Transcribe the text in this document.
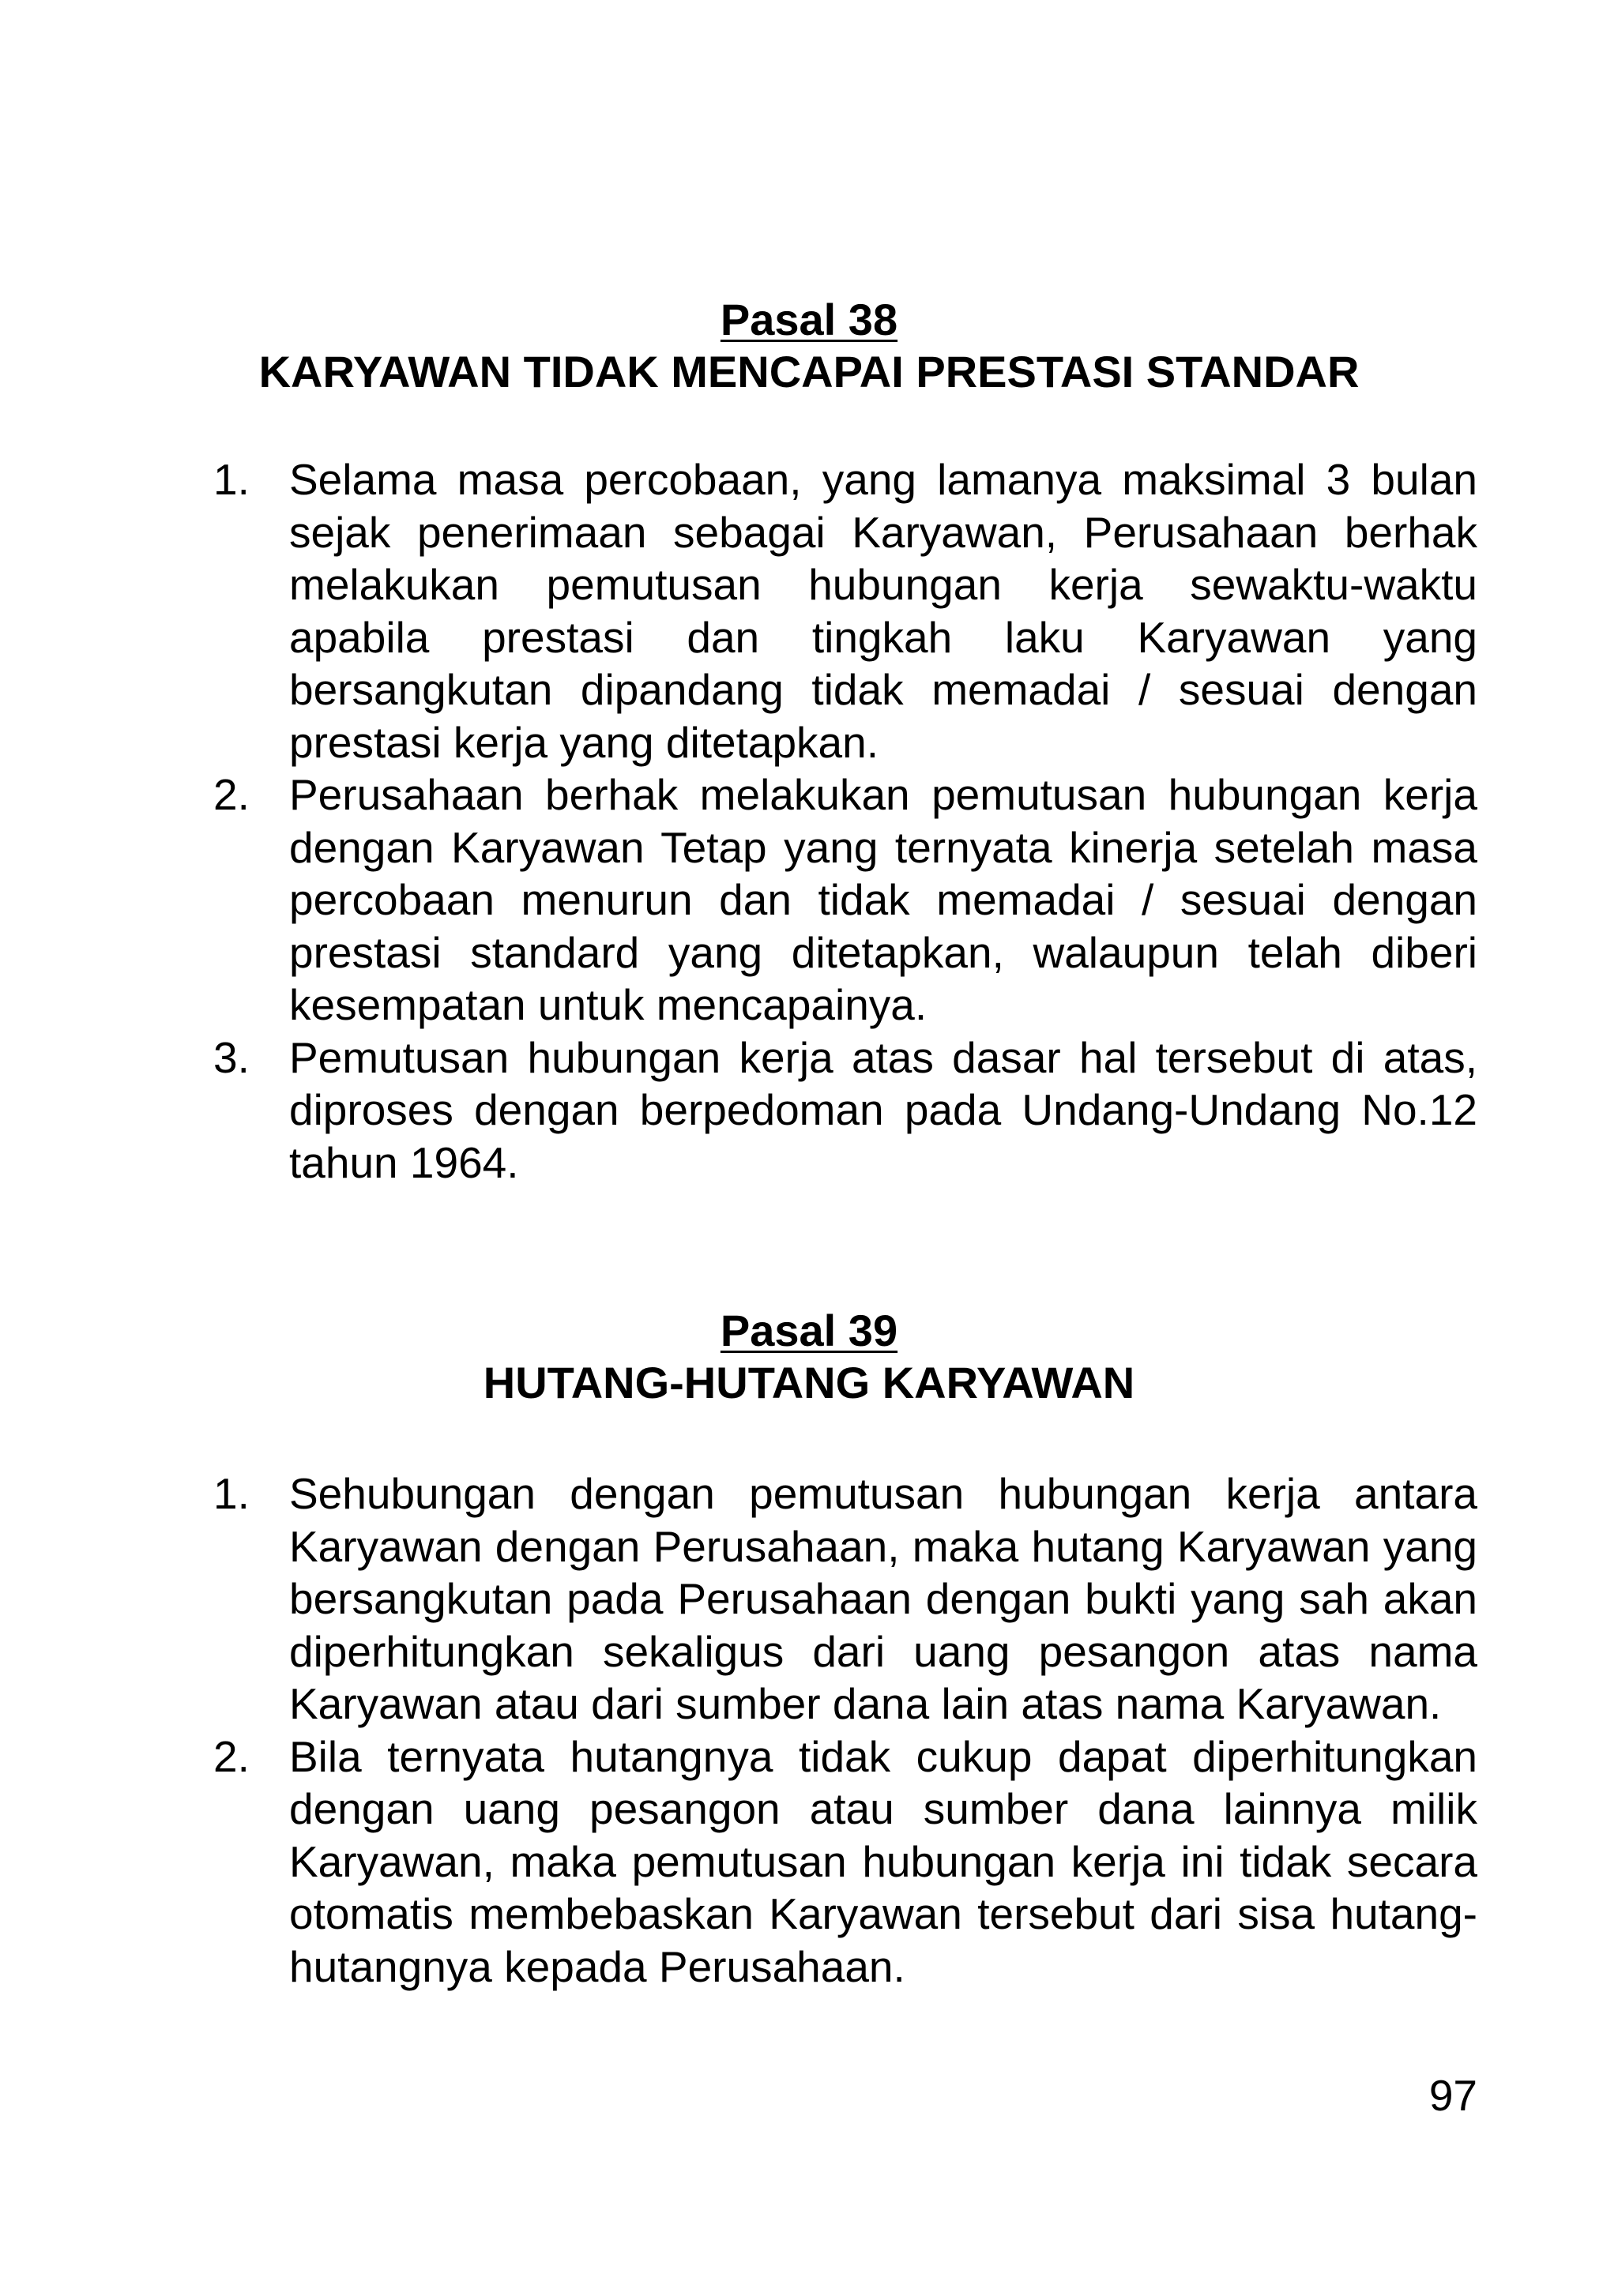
Pasal 38
KARYAWAN TIDAK MENCAPAI PRESTASI STANDAR
1. Selama masa percobaan, yang lamanya maksimal 3 bulan sejak penerimaan sebagai Karyawan, Perusahaan berhak melakukan pemutusan hubungan kerja sewaktu-waktu apabila prestasi dan tingkah laku Karyawan yang bersangkutan dipandang tidak memadai / sesuai dengan prestasi kerja yang ditetapkan.
2. Perusahaan berhak melakukan pemutusan hubungan kerja dengan Karyawan Tetap yang ternyata kinerja setelah masa percobaan menurun dan tidak memadai / sesuai dengan prestasi standard yang ditetapkan, walaupun telah diberi kesempatan untuk mencapainya.
3. Pemutusan hubungan kerja atas dasar hal tersebut di atas, diproses dengan berpedoman pada Undang-Undang No.12 tahun 1964.
Pasal 39
HUTANG-HUTANG KARYAWAN
1. Sehubungan dengan pemutusan hubungan kerja antara Karyawan dengan Perusahaan, maka hutang Karyawan yang bersangkutan pada Perusahaan dengan bukti yang sah akan diperhitungkan sekaligus dari uang pesangon atas nama Karyawan atau dari sumber dana lain atas nama Karyawan.
2. Bila ternyata hutangnya tidak cukup dapat diperhitungkan dengan uang pesangon atau sumber dana lainnya milik Karyawan, maka pemutusan hubungan kerja ini tidak secara otomatis membebaskan Karyawan tersebut dari sisa hutang-hutangnya kepada Perusahaan.
97
